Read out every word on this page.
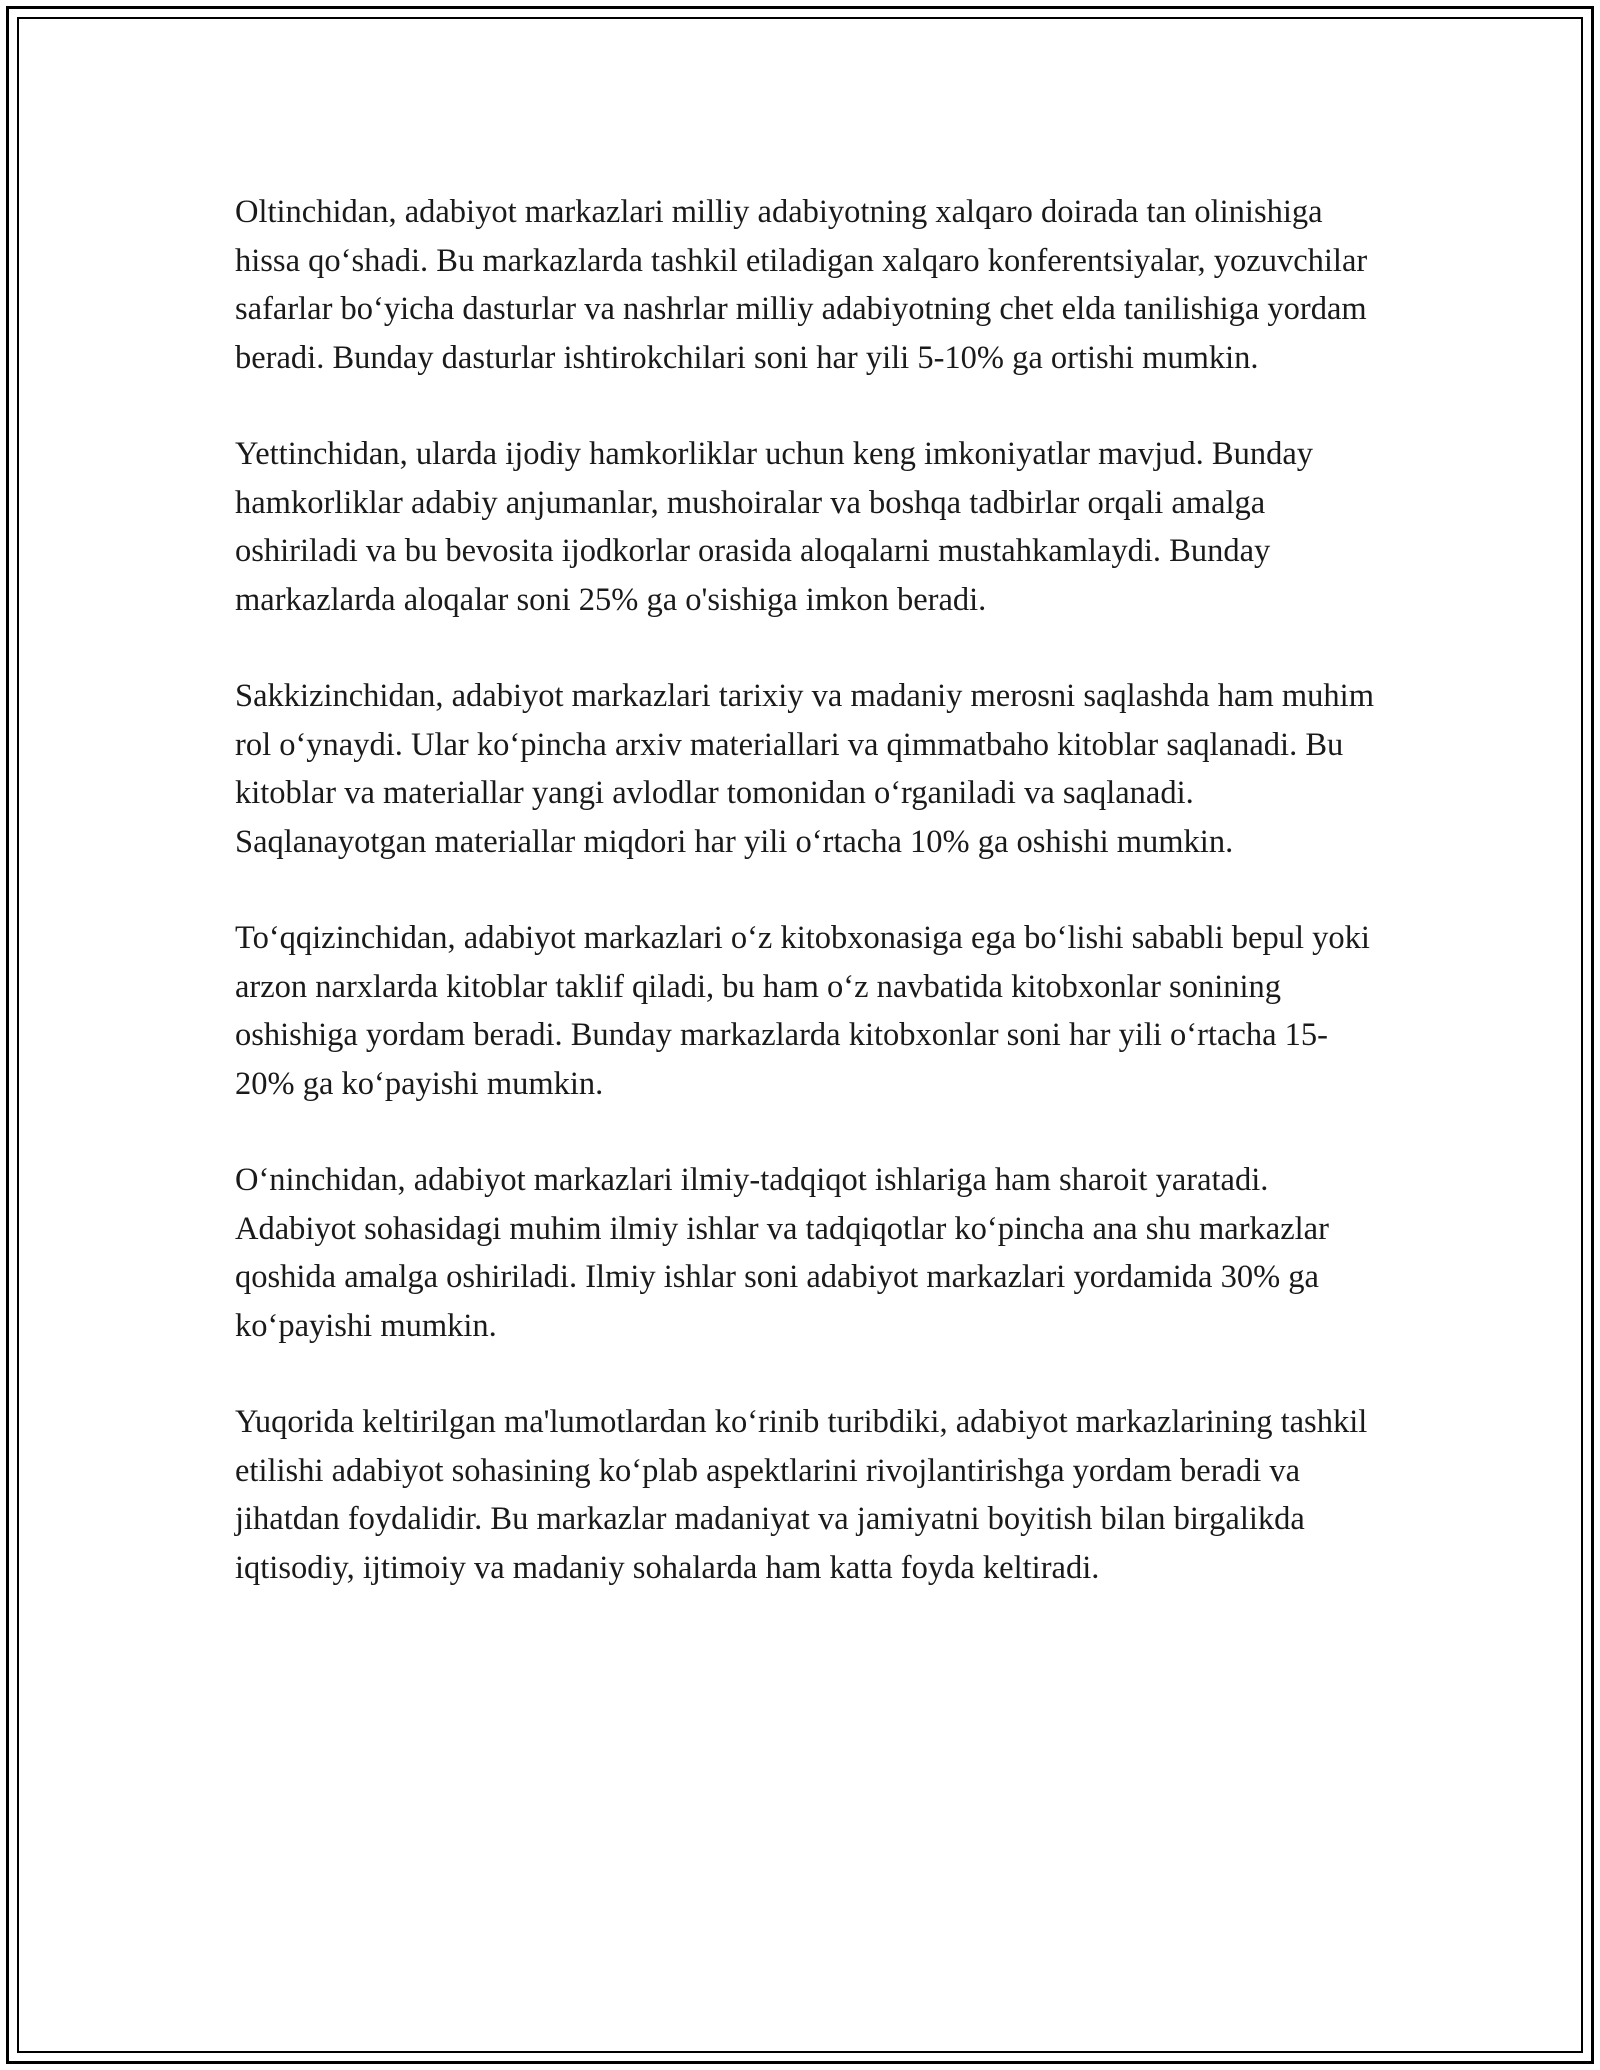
Oltinchidan, adabiyot markazlari milliy adabiyotning xalqaro doirada tan olinishiga hissa qo‘shadi. Bu markazlarda tashkil etiladigan xalqaro konferentsiyalar, yozuvchilar safarlar bo‘yicha dasturlar va nashrlar milliy adabiyotning chet elda tanilishiga yordam beradi. Bunday dasturlar ishtirokchilari soni har yili 5-10% ga ortishi mumkin.

Yettinchidan, ularda ijodiy hamkorliklar uchun keng imkoniyatlar mavjud. Bunday hamkorliklar adabiy anjumanlar, mushoiralar va boshqa tadbirlar orqali amalga oshiriladi va bu bevosita ijodkorlar orasida aloqalarni mustahkamlaydi. Bunday markazlarda aloqalar soni 25% ga o'sishiga imkon beradi.

Sakkizinchidan, adabiyot markazlari tarixiy va madaniy merosni saqlashda ham muhim rol o‘ynaydi. Ular ko‘pincha arxiv materiallari va qimmatbaho kitoblar saqlanadi. Bu kitoblar va materiallar yangi avlodlar tomonidan o‘rganiladi va saqlanadi. Saqlanayotgan materiallar miqdori har yili o‘rtacha 10% ga oshishi mumkin.

To‘qqizinchidan, adabiyot markazlari o‘z kitobxonasiga ega bo‘lishi sababli bepul yoki arzon narxlarda kitoblar taklif qiladi, bu ham o‘z navbatida kitobxonlar sonining oshishiga yordam beradi. Bunday markazlarda kitobxonlar soni har yili o‘rtacha 15-20% ga ko‘payishi mumkin.

O‘ninchidan, adabiyot markazlari ilmiy-tadqiqot ishlariga ham sharoit yaratadi. Adabiyot sohasidagi muhim ilmiy ishlar va tadqiqotlar ko‘pincha ana shu markazlar qoshida amalga oshiriladi. Ilmiy ishlar soni adabiyot markazlari yordamida 30% ga ko‘payishi mumkin.

Yuqorida keltirilgan ma'lumotlardan ko‘rinib turibdiki, adabiyot markazlarining tashkil etilishi adabiyot sohasining ko‘plab aspektlarini rivojlantirishga yordam beradi va jihatdan foydalidir. Bu markazlar madaniyat va jamiyatni boyitish bilan birgalikda iqtisodiy, ijtimoiy va madaniy sohalarda ham katta foyda keltiradi.
